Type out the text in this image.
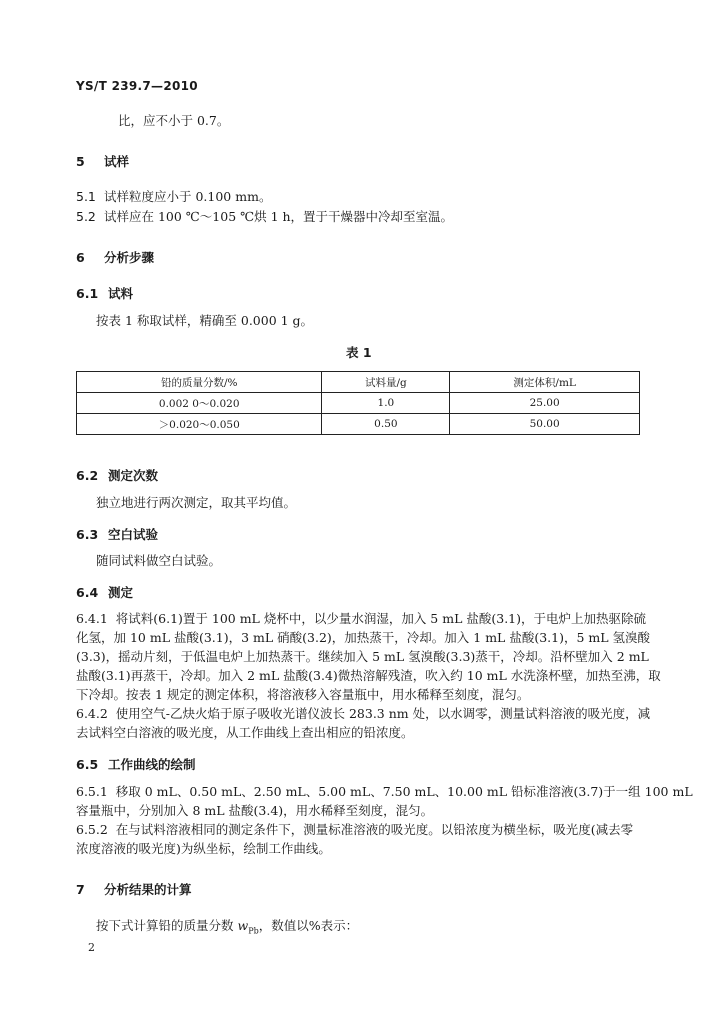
YS/T 239.7—2010
比，应不小于 0.7。
5 试样
5.1 试样粒度应小于 0.100 mm。
5.2 试样应在 100 ℃～105 ℃烘 1 h，置于干燥器中冷却至室温。
6 分析步骤
6.1 试料
按表 1 称取试样，精确至 0.000 1 g。
表 1
铅的质量分数/%	试料量/g	测定体积/mL
0.002 0～0.020	1.0	25.00
＞0.020～0.050	0.50	50.00
6.2 测定次数
独立地进行两次测定，取其平均值。
6.3 空白试验
随同试料做空白试验。
6.4 测定
6.4.1 将试料(6.1)置于 100 mL 烧杯中，以少量水润湿，加入 5 mL 盐酸(3.1)，于电炉上加热驱除硫
化氢，加 10 mL 盐酸(3.1)，3 mL 硝酸(3.2)，加热蒸干，冷却。加入 1 mL 盐酸(3.1)，5 mL 氢溴酸
(3.3)，摇动片刻，于低温电炉上加热蒸干。继续加入 5 mL 氢溴酸(3.3)蒸干，冷却。沿杯壁加入 2 mL
盐酸(3.1)再蒸干，冷却。加入 2 mL 盐酸(3.4)微热溶解残渣，吹入约 10 mL 水洗涤杯壁，加热至沸，取
下冷却。按表 1 规定的测定体积，将溶液移入容量瓶中，用水稀释至刻度，混匀。
6.4.2 使用空气-乙炔火焰于原子吸收光谱仪波长 283.3 nm 处，以水调零，测量试料溶液的吸光度，减
去试料空白溶液的吸光度，从工作曲线上查出相应的铅浓度。
6.5 工作曲线的绘制
6.5.1 移取 0 mL、0.50 mL、2.50 mL、5.00 mL、7.50 mL、10.00 mL 铅标准溶液(3.7)于一组 100 mL
容量瓶中，分别加入 8 mL 盐酸(3.4)，用水稀释至刻度，混匀。
6.5.2 在与试料溶液相同的测定条件下，测量标准溶液的吸光度。以铅浓度为横坐标，吸光度(减去零
浓度溶液的吸光度)为纵坐标，绘制工作曲线。
7 分析结果的计算
按下式计算铅的质量分数 $w_{Pb}$，数值以%表示：
2
